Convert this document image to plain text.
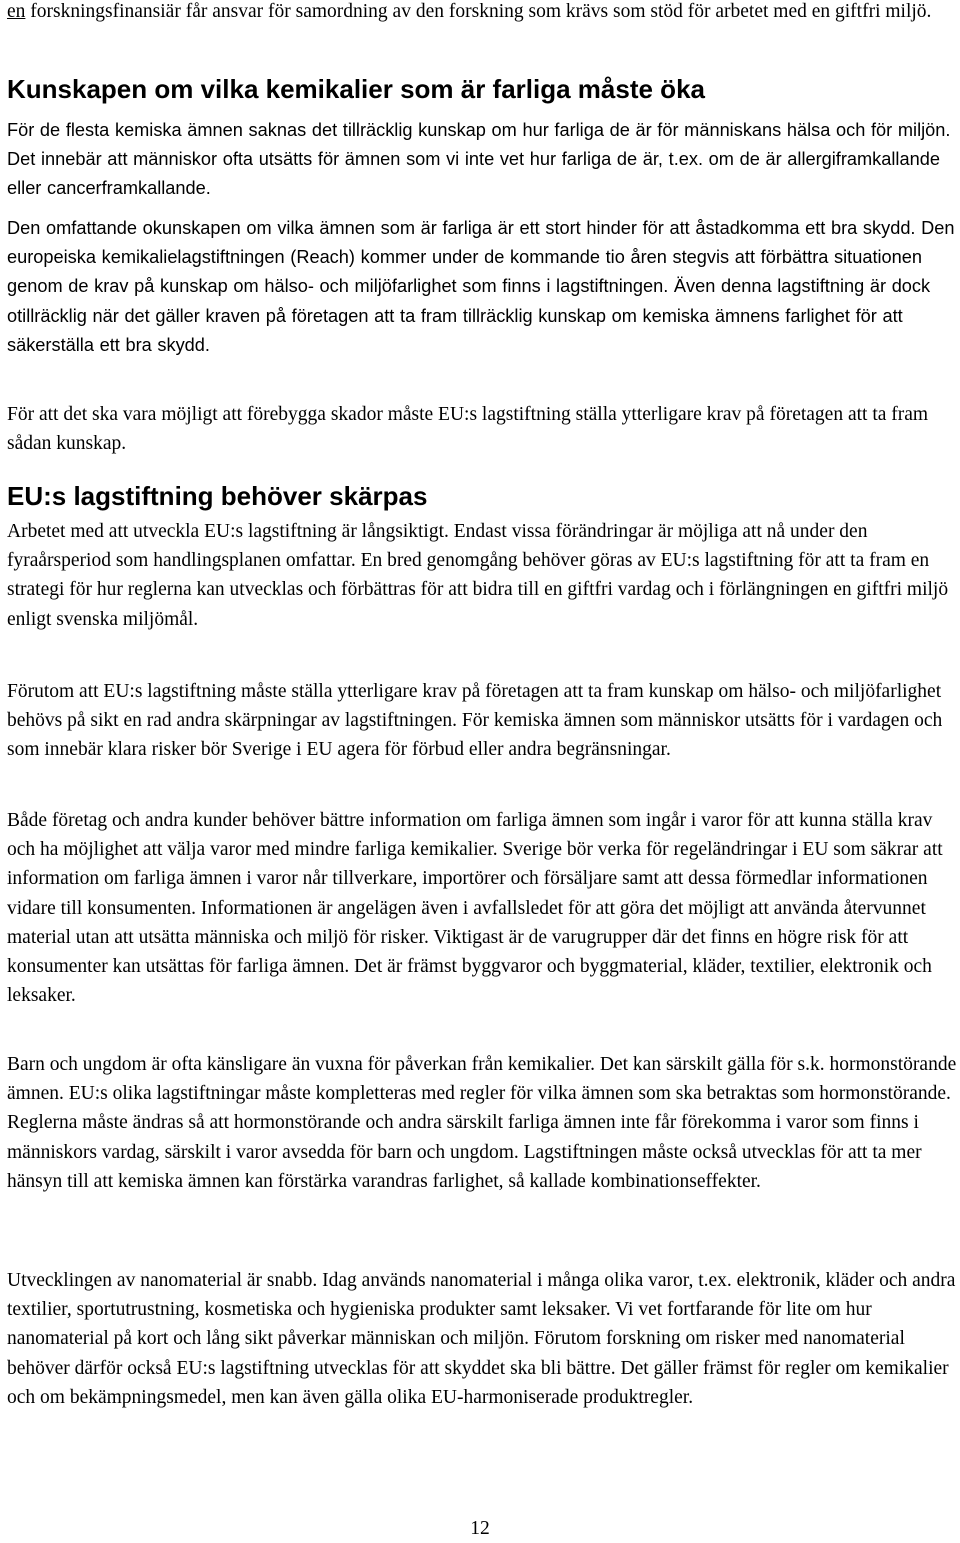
en forskningsfinansiär får ansvar för samordning av den forskning som krävs som stöd för arbetet med en giftfri miljö.

Kunskapen om vilka kemikalier som är farliga måste öka

För de flesta kemiska ämnen saknas det tillräcklig kunskap om hur farliga de är för människans hälsa och för miljön. Det innebär att människor ofta utsätts för ämnen som vi inte vet hur farliga de är, t.ex. om de är allergiframkallande eller cancerframkallande.

Den omfattande okunskapen om vilka ämnen som är farliga är ett stort hinder för att åstadkomma ett bra skydd. Den europeiska kemikalielagstiftningen (Reach) kommer under de kommande tio åren stegvis att förbättra situationen genom de krav på kunskap om hälso- och miljöfarlighet som finns i lagstiftningen. Även denna lagstiftning är dock otillräcklig när det gäller kraven på företagen att ta fram tillräcklig kunskap om kemiska ämnens farlighet för att säkerställa ett bra skydd.

För att det ska vara möjligt att förebygga skador måste EU:s lagstiftning ställa ytterligare krav på företagen att ta fram sådan kunskap.

EU:s lagstiftning behöver skärpas

Arbetet med att utveckla EU:s lagstiftning är långsiktigt. Endast vissa förändringar är möjliga att nå under den fyraårsperiod som handlingsplanen omfattar. En bred genomgång behöver göras av EU:s lagstiftning för att ta fram en strategi för hur reglerna kan utvecklas och förbättras för att bidra till en giftfri vardag och i förlängningen en giftfri miljö enligt svenska miljömål.

Förutom att EU:s lagstiftning måste ställa ytterligare krav på företagen att ta fram kunskap om hälso- och miljöfarlighet behövs på sikt en rad andra skärpningar av lagstiftningen. För kemiska ämnen som människor utsätts för i vardagen och som innebär klara risker bör Sverige i EU agera för förbud eller andra begränsningar.

Både företag och andra kunder behöver bättre information om farliga ämnen som ingår i varor för att kunna ställa krav och ha möjlighet att välja varor med mindre farliga kemikalier. Sverige bör verka för regeländringar i EU som säkrar att information om farliga ämnen i varor når tillverkare, importörer och försäljare samt att dessa förmedlar informationen vidare till konsumenten. Informationen är angelägen även i avfallsledet för att göra det möjligt att använda återvunnet material utan att utsätta människa och miljö för risker. Viktigast är de varugrupper där det finns en högre risk för att konsumenter kan utsättas för farliga ämnen. Det är främst byggvaror och byggmaterial, kläder, textilier, elektronik och leksaker.

Barn och ungdom är ofta känsligare än vuxna för påverkan från kemikalier. Det kan särskilt gälla för s.k. hormonstörande ämnen. EU:s olika lagstiftningar måste kompletteras med regler för vilka ämnen som ska betraktas som hormonstörande. Reglerna måste ändras så att hormonstörande och andra särskilt farliga ämnen inte får förekomma i varor som finns i människors vardag, särskilt i varor avsedda för barn och ungdom. Lagstiftningen måste också utvecklas för att ta mer hänsyn till att kemiska ämnen kan förstärka varandras farlighet, så kallade kombinationseffekter.

Utvecklingen av nanomaterial är snabb. Idag används nanomaterial i många olika varor, t.ex. elektronik, kläder och andra textilier, sportutrustning, kosmetiska och hygieniska produkter samt leksaker. Vi vet fortfarande för lite om hur nanomaterial på kort och lång sikt påverkar människan och miljön. Förutom forskning om risker med nanomaterial behöver därför också EU:s lagstiftning utvecklas för att skyddet ska bli bättre. Det gäller främst för regler om kemikalier och om bekämpningsmedel, men kan även gälla olika EU-harmoniserade produktregler.

12
